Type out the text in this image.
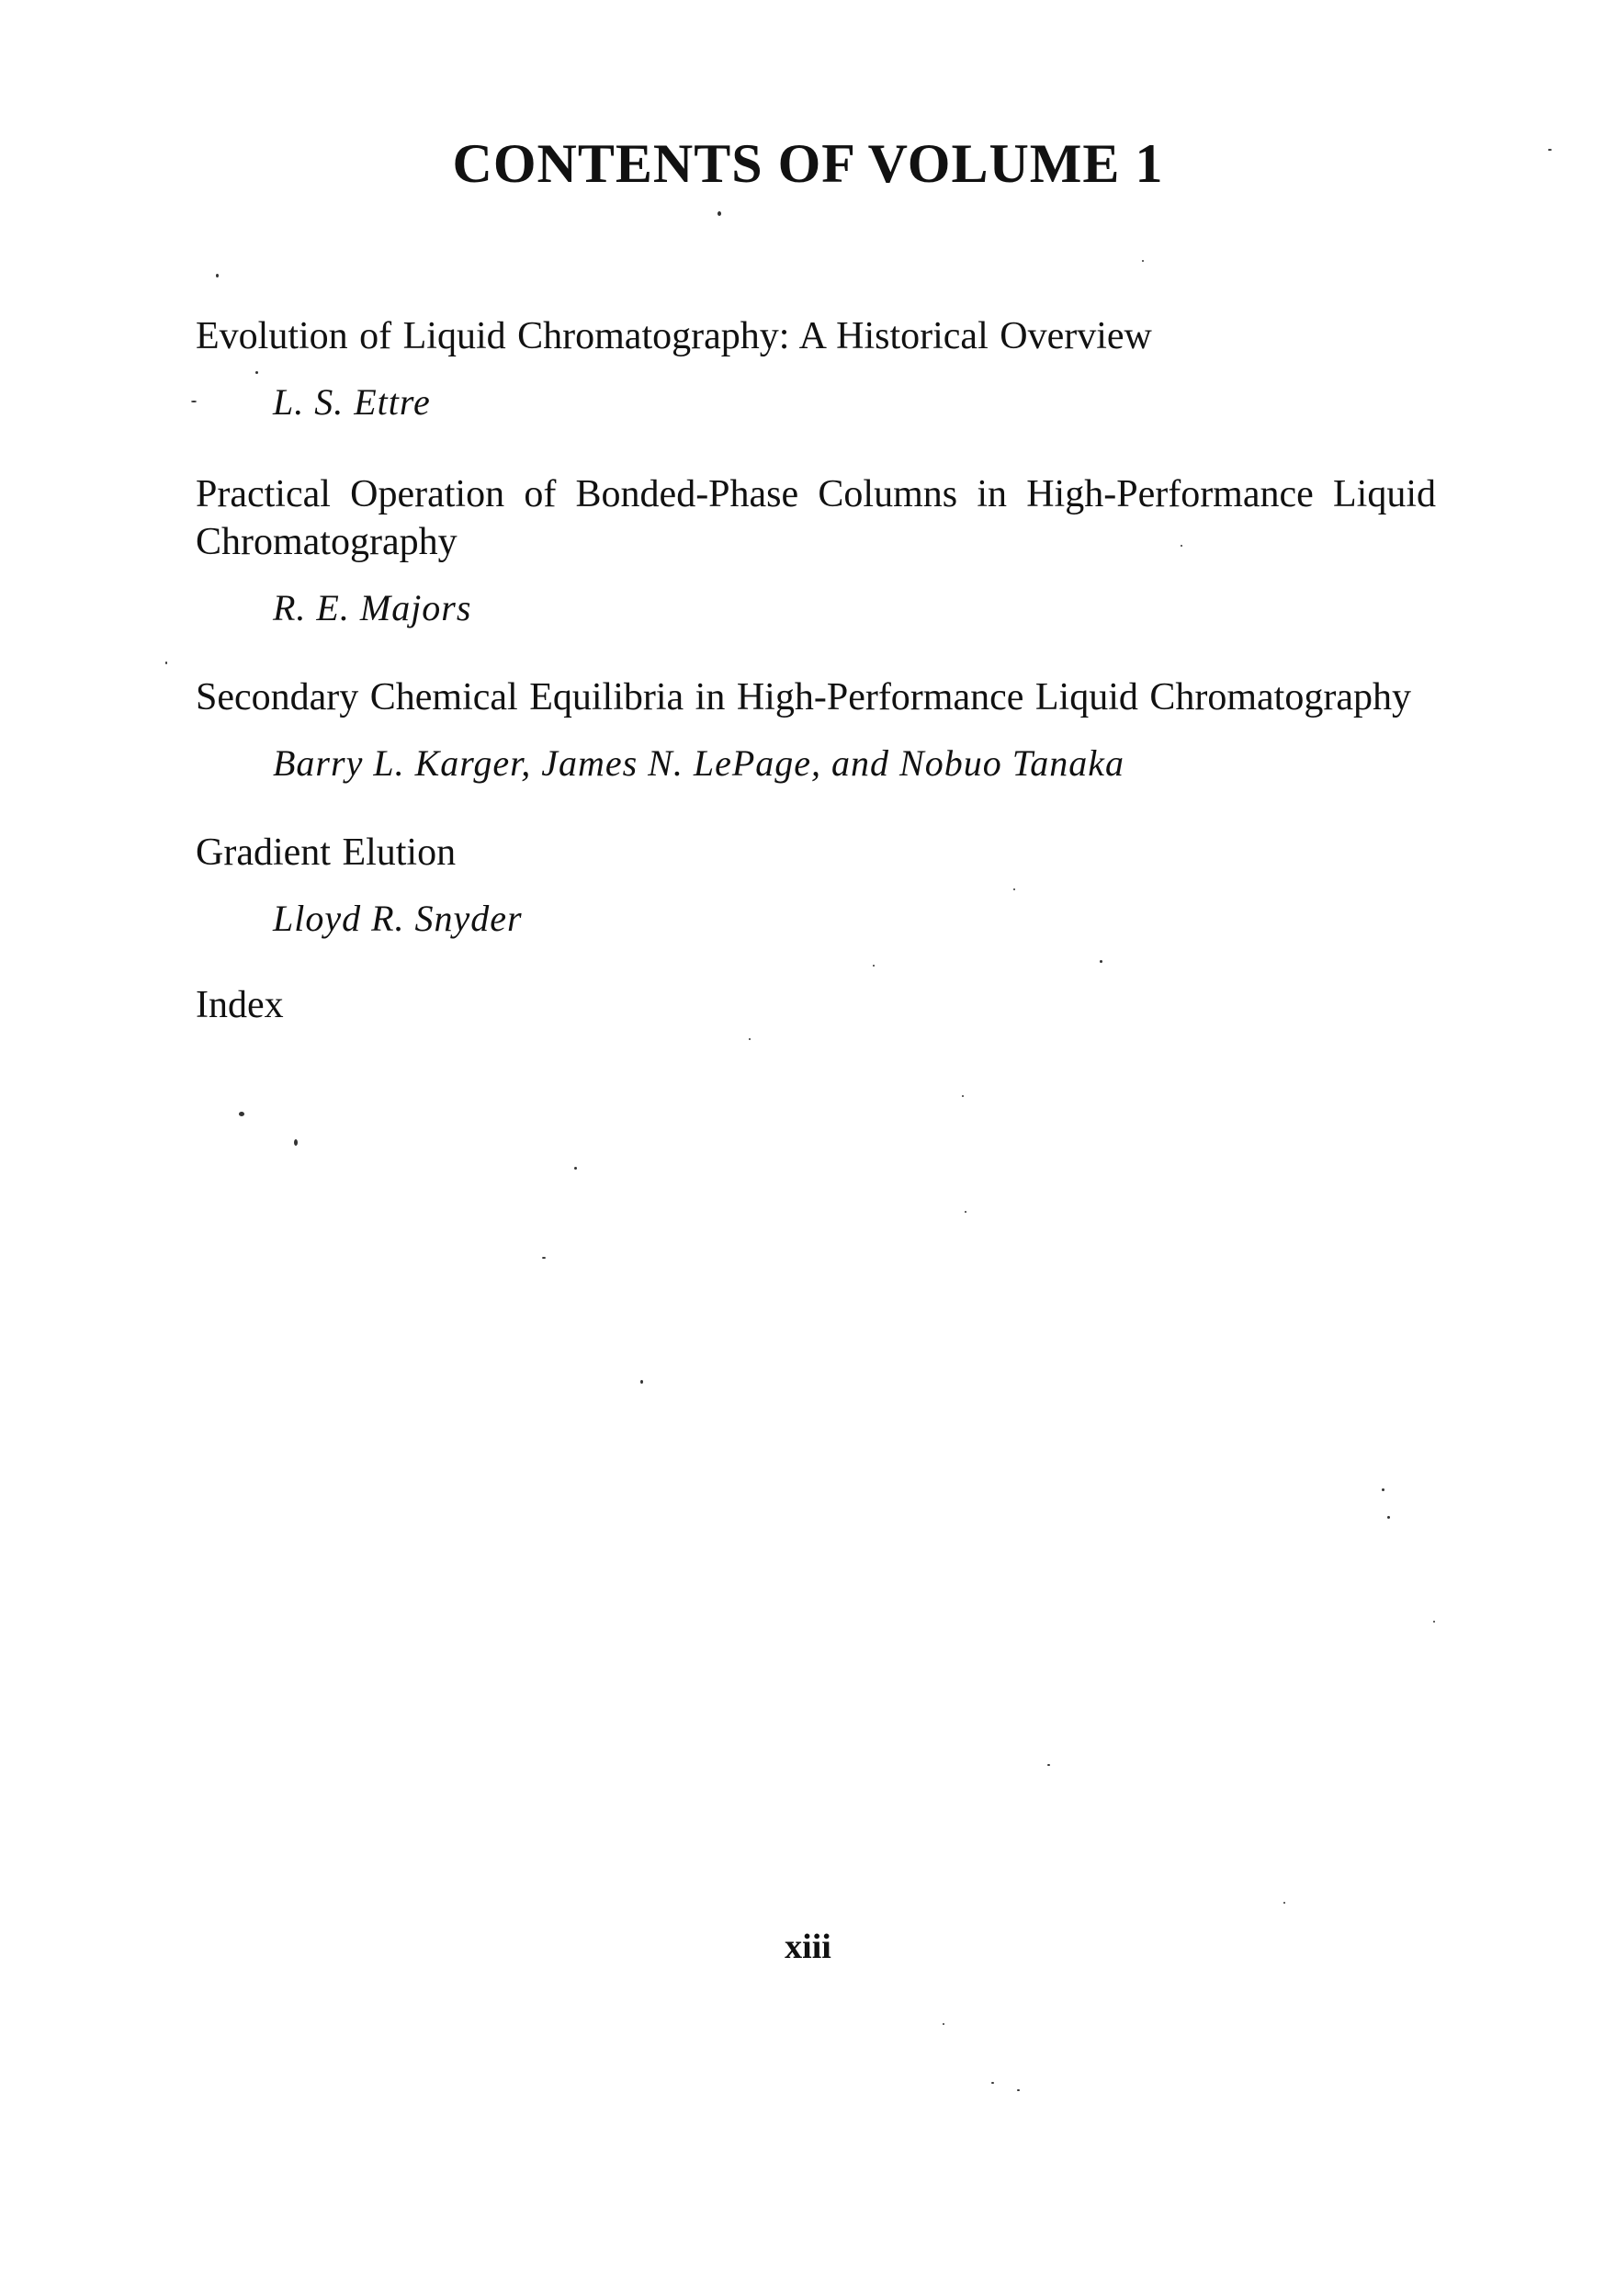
CONTENTS OF VOLUME 1
Evolution of Liquid Chromatography: A Historical Overview
L. S. Ettre
Practical Operation of Bonded-Phase Columns in High-Performance Liquid Chromatography
R. E. Majors
Secondary Chemical Equilibria in High-Performance Liquid Chromatography
Barry L. Karger, James N. LePage, and Nobuo Tanaka
Gradient Elution
Lloyd R. Snyder
Index
xiii
